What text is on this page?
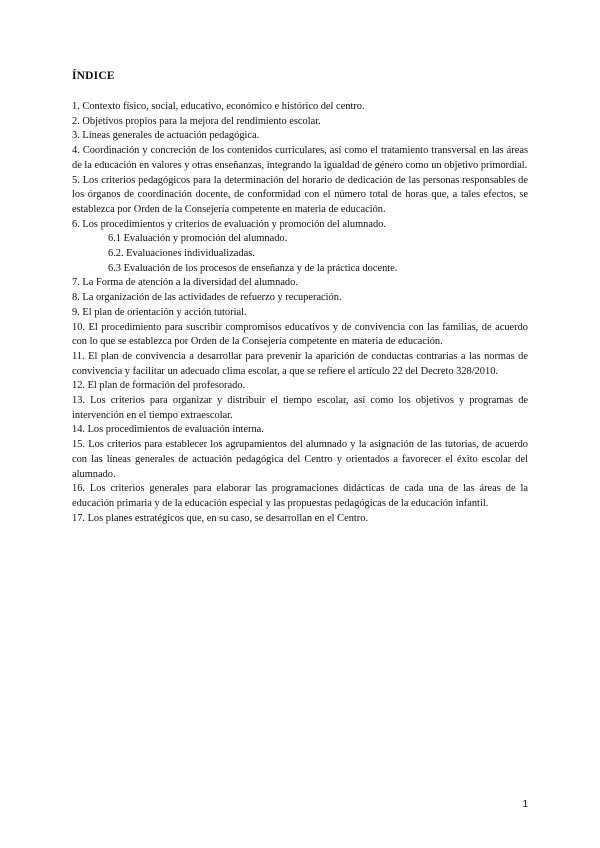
ÍNDICE

1. Contexto físico, social, educativo, económico e histórico del centro.

2. Objetivos propios para la mejora del rendimiento escolar.

3. Líneas generales de actuación pedagógica.

4. Coordinación y concreción de los contenidos curriculares, así como el tratamiento transversal en las áreas de la educación en valores y otras enseñanzas, integrando la igualdad de género como un objetivo primordial.

5. Los criterios pedagógicos para la determinación del horario de dedicación de las personas responsables de los órganos de coordinación docente, de conformidad con el número total de horas que, a tales efectos, se establezca por Orden de la Consejería competente en materia de educación.

6. Los procedimientos y criterios de evaluación y promoción del alumnado.

6.1 Evaluación y promoción del alumnado.

6.2. Evaluaciones individualizadas.

6.3 Evaluación de los procesos de enseñanza y de la práctica docente.

7. La Forma de atención a la diversidad del alumnado.

8. La organización de las actividades de refuerzo y recuperación.

9. El plan de orientación y acción tutorial.

10. El procedimiento para suscribir compromisos educativos y de convivencia con las familias, de acuerdo con lo que se establezca por Orden de la Consejería competente en materia de educación.

11. El plan de convivencia a desarrollar para prevenir la aparición de conductas contrarias a las normas de convivencia y facilitar un adecuado clima escolar, a que se refiere el artículo 22 del Decreto 328/2010.

12. El plan de formación del profesorado.

13. Los criterios para organizar y distribuir el tiempo escolar, así como los objetivos y programas de intervención en el tiempo extraescolar.

14. Los procedimientos de evaluación interna.

15. Los criterios para establecer los agrupamientos del alumnado y la asignación de las tutorías, de acuerdo con las líneas generales de actuación pedagógica del Centro y orientados a favorecer el éxito escolar del alumnado.

16. Los criterios generales para elaborar las programaciones didácticas de cada una de las áreas de la educación primaria y de la educación especial y las propuestas pedagógicas de la educación infantil.

17. Los planes estratégicos que, en su caso, se desarrollan en el Centro.

1
